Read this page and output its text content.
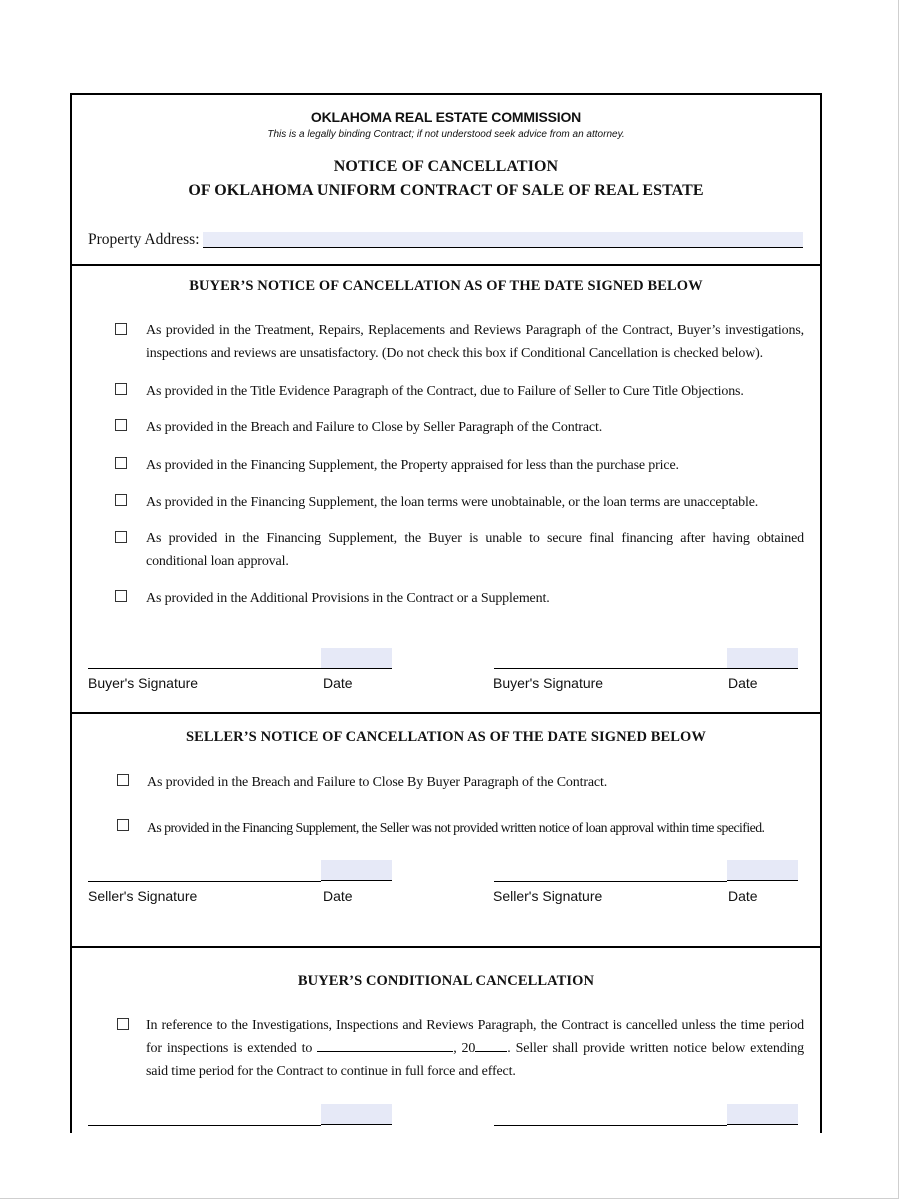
OKLAHOMA REAL ESTATE COMMISSION
This is a legally binding Contract; if not understood seek advice from an attorney.
NOTICE OF CANCELLATION
OF OKLAHOMA UNIFORM CONTRACT OF SALE OF REAL ESTATE
Property Address:
BUYER’S NOTICE OF CANCELLATION AS OF THE DATE SIGNED BELOW
As provided in the Treatment, Repairs, Replacements and Reviews Paragraph of the Contract, Buyer’s investigations, inspections and reviews are unsatisfactory. (Do not check this box if Conditional Cancellation is checked below).
As provided in the Title Evidence Paragraph of the Contract, due to Failure of Seller to Cure Title Objections.
As provided in the Breach and Failure to Close by Seller Paragraph of the Contract.
As provided in the Financing Supplement, the Property appraised for less than the purchase price.
As provided in the Financing Supplement, the loan terms were unobtainable, or the loan terms are unacceptable.
As provided in the Financing Supplement, the Buyer is unable to secure final financing after having obtained conditional loan approval.
As provided in the Additional Provisions in the Contract or a Supplement.
Buyer's Signature	Date	Buyer's Signature	Date
SELLER’S NOTICE OF CANCELLATION AS OF THE DATE SIGNED BELOW
As provided in the Breach and Failure to Close By Buyer Paragraph of the Contract.
As provided in the Financing Supplement, the Seller was not provided written notice of loan approval within time specified.
Seller's Signature	Date	Seller's Signature	Date
BUYER’S CONDITIONAL CANCELLATION
In reference to the Investigations, Inspections and Reviews Paragraph, the Contract is cancelled unless the time period for inspections is extended to	, 20 . Seller shall provide written notice below extending said time period for the Contract to continue in full force and effect.
